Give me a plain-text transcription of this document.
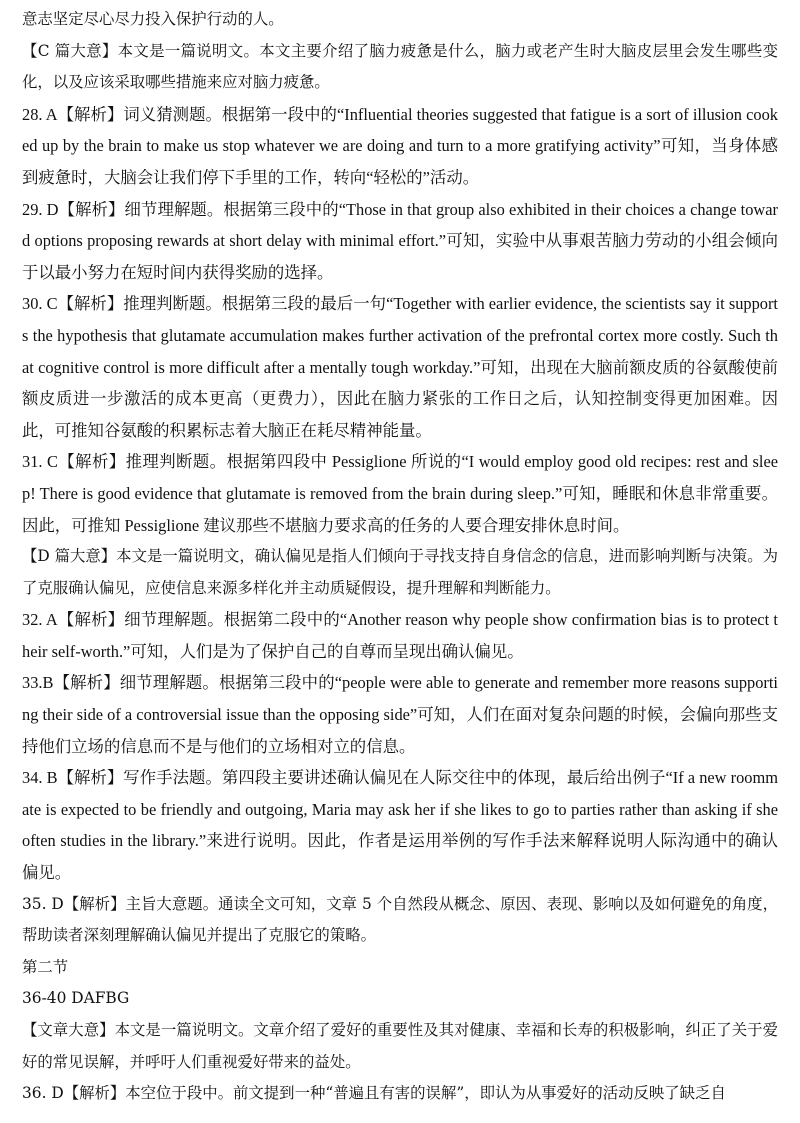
意志坚定尽心尽力投入保护行动的人。

【C 篇大意】本文是一篇说明文。本文主要介绍了脑力疲惫是什么，脑力或老产生时大脑皮层里会发生哪些变化，以及应该采取哪些措施来应对脑力疲惫。

28. A【解析】词义猜测题。根据第一段中的“Influential theories suggested that fatigue is a sort of illusion cooked up by the brain to make us stop whatever we are doing and turn to a more gratifying activity”可知，当身体感到疲惫时，大脑会让我们停下手里的工作，转向“轻松的”活动。

29. D【解析】细节理解题。根据第三段中的“Those in that group also exhibited in their choices a change toward options proposing rewards at short delay with minimal effort.”可知，实验中从事艰苦脑力劳动的小组会倾向于以最小努力在短时间内获得奖励的选择。

30. C【解析】推理判断题。根据第三段的最后一句“Together with earlier evidence, the scientists say it supports the hypothesis that glutamate accumulation makes further activation of the prefrontal cortex more costly. Such that cognitive control is more difficult after a mentally tough workday.”可知，出现在大脑前额皮质的谷氨酸使前额皮质进一步激活的成本更高（更费力），因此在脑力紧张的工作日之后，认知控制变得更加困难。因此，可推知谷氨酸的积累标志着大脑正在耗尽精神能量。

31. C【解析】推理判断题。根据第四段中 Pessiglione 所说的“I would employ good old recipes: rest and sleep! There is good evidence that glutamate is removed from the brain during sleep.”可知，睡眠和休息非常重要。因此，可推知 Pessiglione 建议那些不堪脑力要求高的任务的人要合理安排休息时间。

【D 篇大意】本文是一篇说明文，确认偏见是指人们倾向于寻找支持自身信念的信息，进而影响判断与决策。为了克服确认偏见，应使信息来源多样化并主动质疑假设，提升理解和判断能力。

32. A【解析】细节理解题。根据第二段中的“Another reason why people show confirmation bias is to protect their self-worth.”可知，人们是为了保护自己的自尊而呈现出确认偏见。

33.B【解析】细节理解题。根据第三段中的“people were able to generate and remember more reasons supporting their side of a controversial issue than the opposing side”可知，人们在面对复杂问题的时候，会偏向那些支持他们立场的信息而不是与他们的立场相对立的信息。

34. B【解析】写作手法题。第四段主要讲述确认偏见在人际交往中的体现，最后给出例子“If a new roommate is expected to be friendly and outgoing, Maria may ask her if she likes to go to parties rather than asking if she often studies in the library.”来进行说明。因此，作者是运用举例的写作手法来解释说明人际沟通中的确认偏见。

35. D【解析】主旨大意题。通读全文可知，文章 5 个自然段从概念、原因、表现、影响以及如何避免的角度，帮助读者深刻理解确认偏见并提出了克服它的策略。

第二节

36-40 DAFBG

【文章大意】本文是一篇说明文。文章介绍了爱好的重要性及其对健康、幸福和长寿的积极影响，纠正了关于爱好的常见误解，并呼吁人们重视爱好带来的益处。

36. D【解析】本空位于段中。前文提到一种“普遍且有害的误解”，即认为从事爱好的活动反映了缺乏自
